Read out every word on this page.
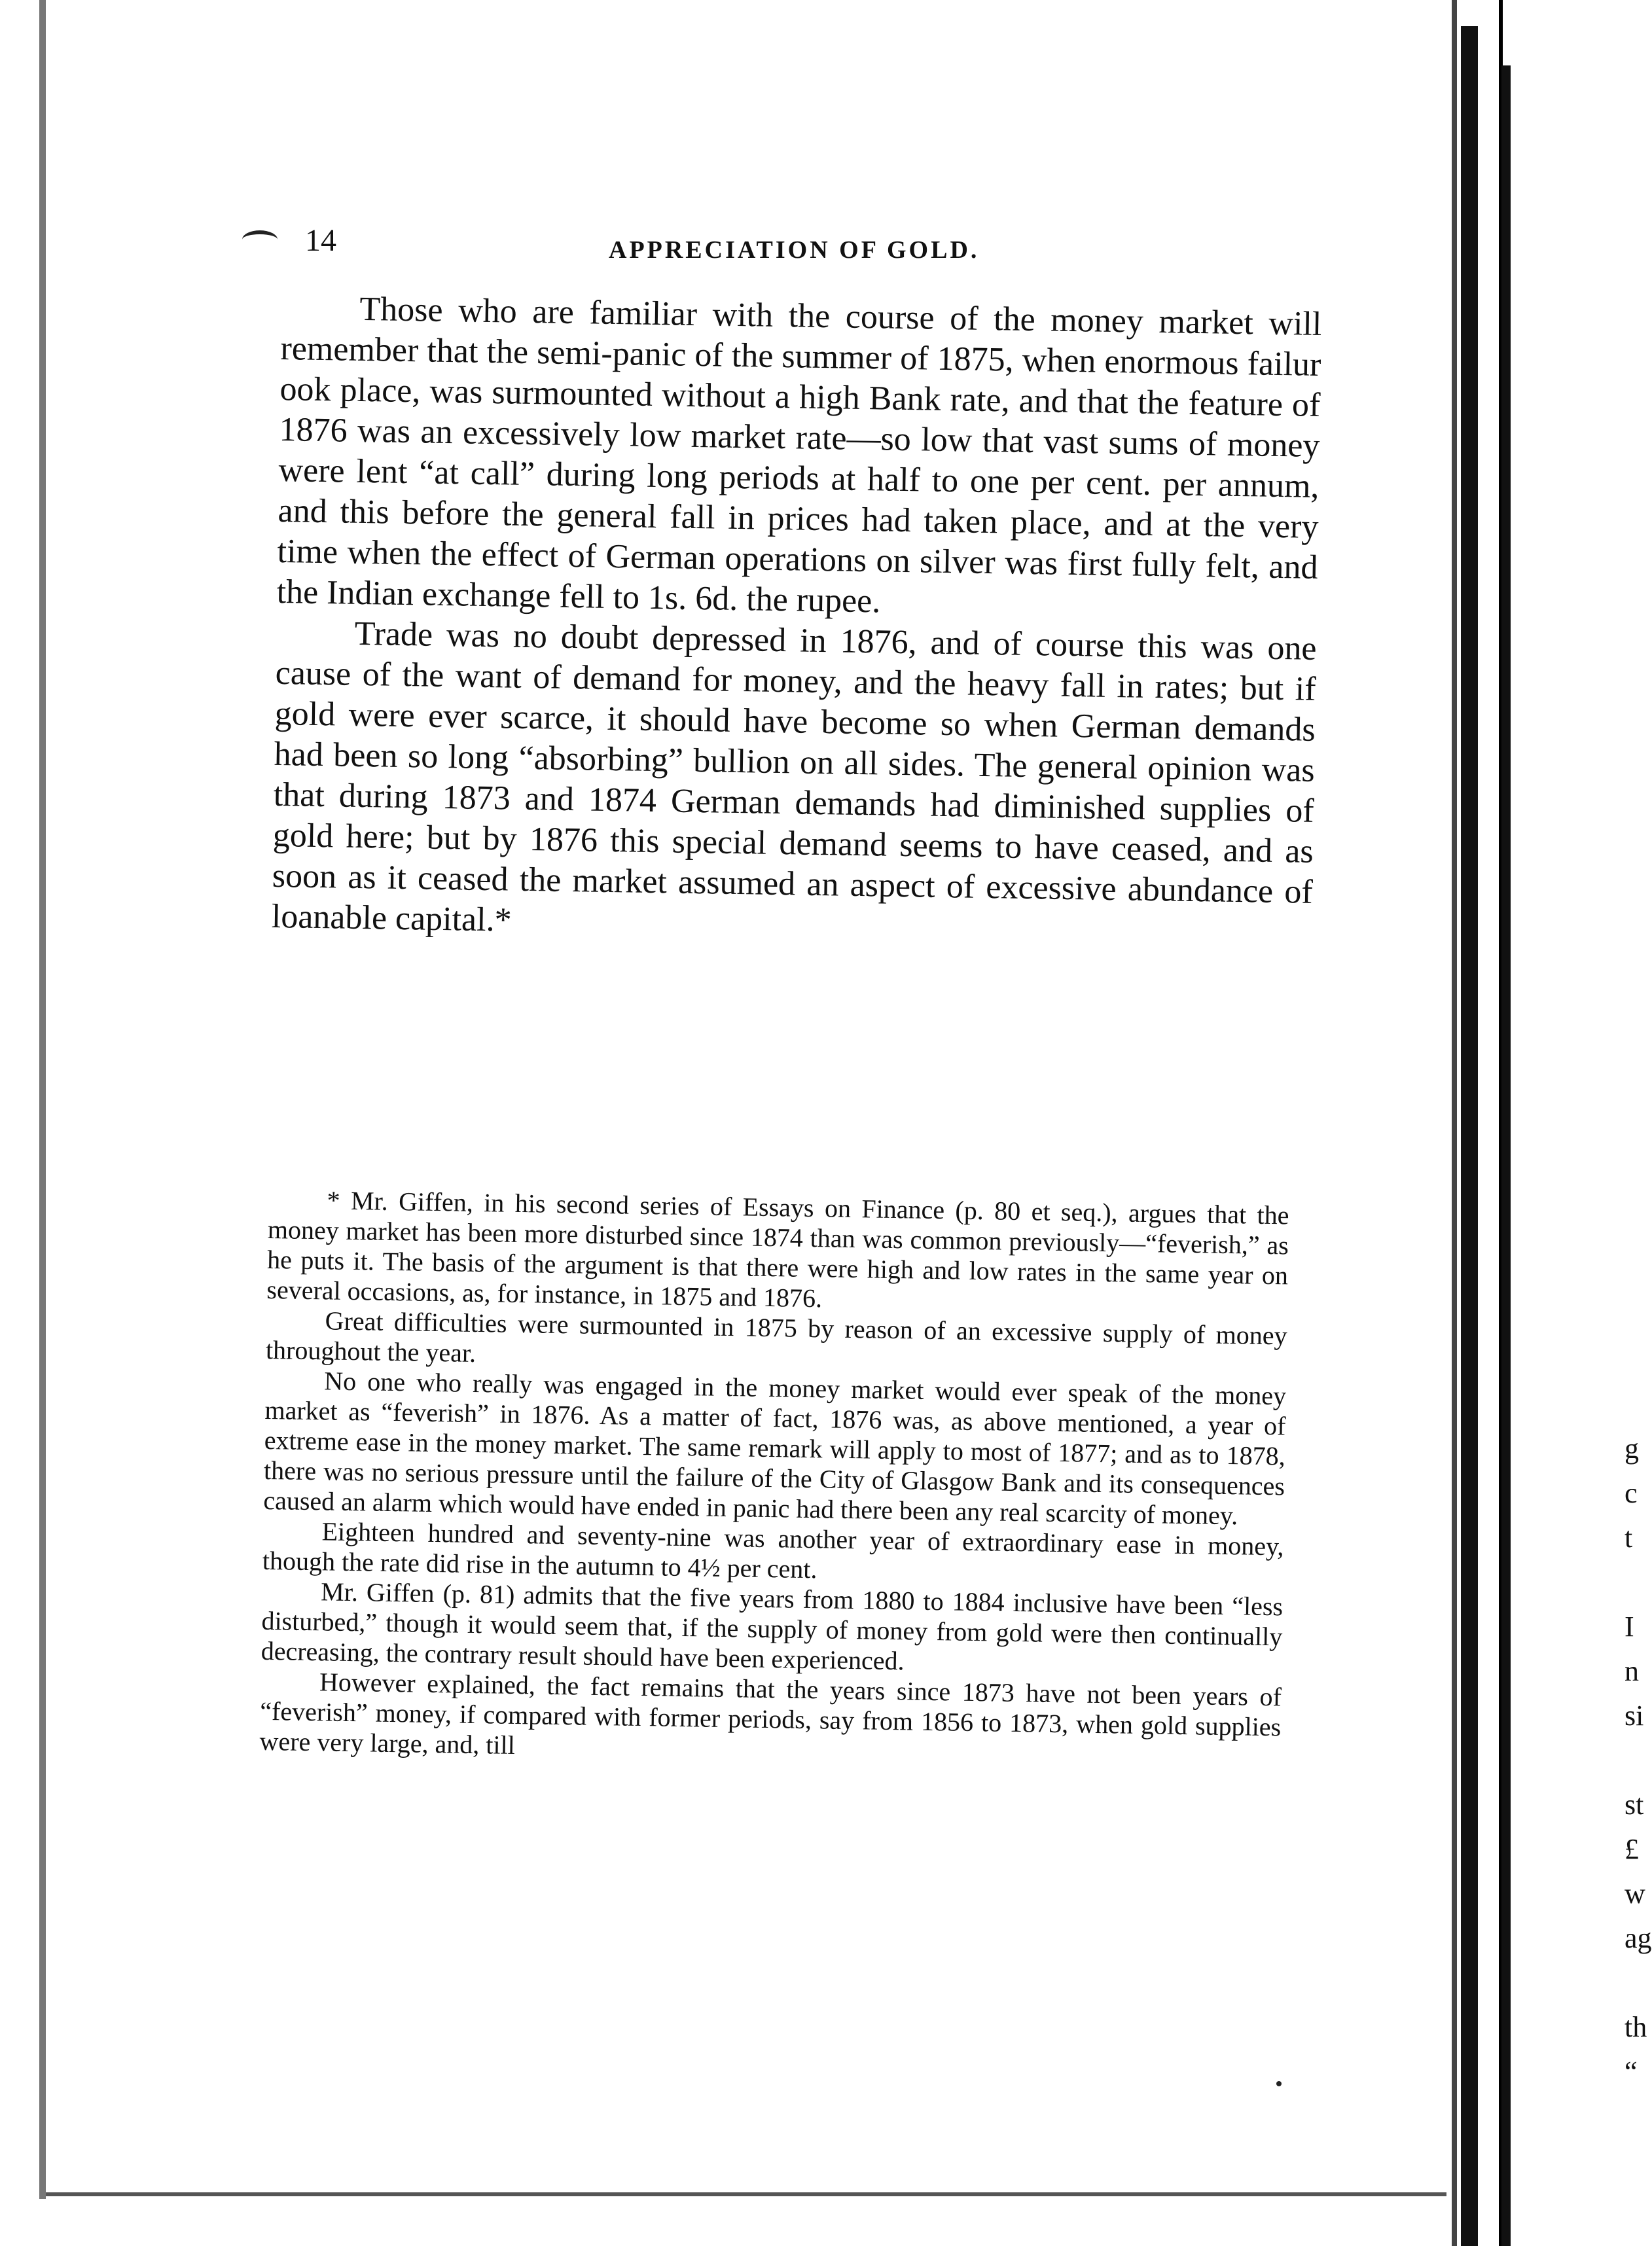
g
c
t
I
n
si
st
£
w
ag
th
“
14	APPRECIATION OF GOLD.

Those who are familiar with the course of the money market will remember that the semi-panic of the summer of 1875, when enormous failur ook place, was surmounted without a high Bank rate, and that the feature of 1876 was an excessively low market rate—so low that vast sums of money were lent “at call” during long periods at half to one per cent. per annum, and this before the general fall in prices had taken place, and at the very time when the effect of German operations on silver was first fully felt, and the Indian exchange fell to 1s. 6d. the rupee.

Trade was no doubt depressed in 1876, and of course this was one cause of the want of demand for money, and the heavy fall in rates; but if gold were ever scarce, it should have become so when German demands had been so long “absorbing” bullion on all sides. The general opinion was that during 1873 and 1874 German demands had diminished supplies of gold here; but by 1876 this special demand seems to have ceased, and as soon as it ceased the market assumed an aspect of excessive abundance of loanable capital.*

* Mr. Giffen, in his second series of Essays on Finance (p. 80 et seq.), argues that the money market has been more disturbed since 1874 than was common previously—“feverish,” as he puts it. The basis of the argument is that there were high and low rates in the same year on several occasions, as, for instance, in 1875 and 1876.

Great difficulties were surmounted in 1875 by reason of an excessive supply of money throughout the year.

No one who really was engaged in the money market would ever speak of the money market as “feverish” in 1876. As a matter of fact, 1876 was, as above mentioned, a year of extreme ease in the money market. The same remark will apply to most of 1877; and as to 1878, there was no serious pressure until the failure of the City of Glasgow Bank and its consequences caused an alarm which would have ended in panic had there been any real scarcity of money.

Eighteen hundred and seventy-nine was another year of extraordinary ease in money, though the rate did rise in the autumn to 4½ per cent.

Mr. Giffen (p. 81) admits that the five years from 1880 to 1884 inclusive have been “less disturbed,” though it would seem that, if the supply of money from gold were then continually decreasing, the contrary result should have been experienced.

However explained, the fact remains that the years since 1873 have not been years of “feverish” money, if compared with former periods, say from 1856 to 1873, when gold supplies were very large, and, till
